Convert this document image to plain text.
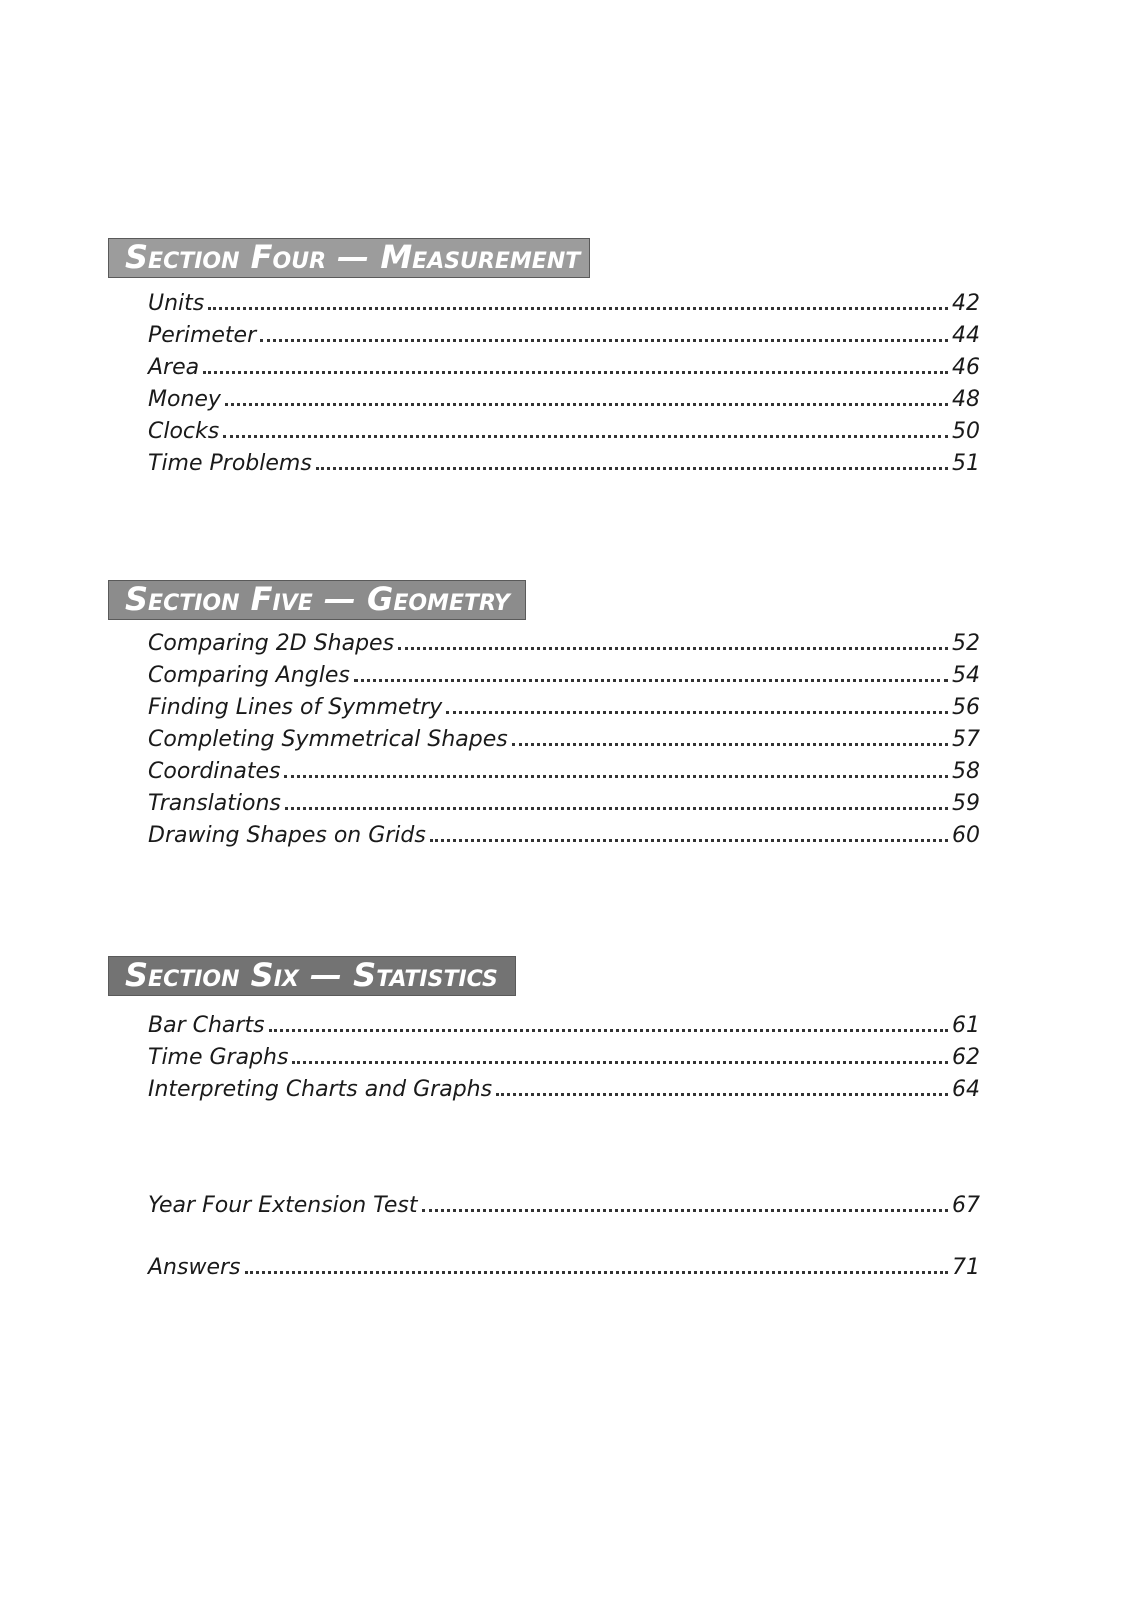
Section Four — Measurement
Units	42
Perimeter	44
Area	46
Money	48
Clocks	50
Time Problems	51
Section Five — Geometry
Comparing 2D Shapes	52
Comparing Angles	54
Finding Lines of Symmetry	56
Completing Symmetrical Shapes	57
Coordinates	58
Translations	59
Drawing Shapes on Grids	60
Section Six — Statistics
Bar Charts	61
Time Graphs	62
Interpreting Charts and Graphs	64
Year Four Extension Test	67
Answers	71
